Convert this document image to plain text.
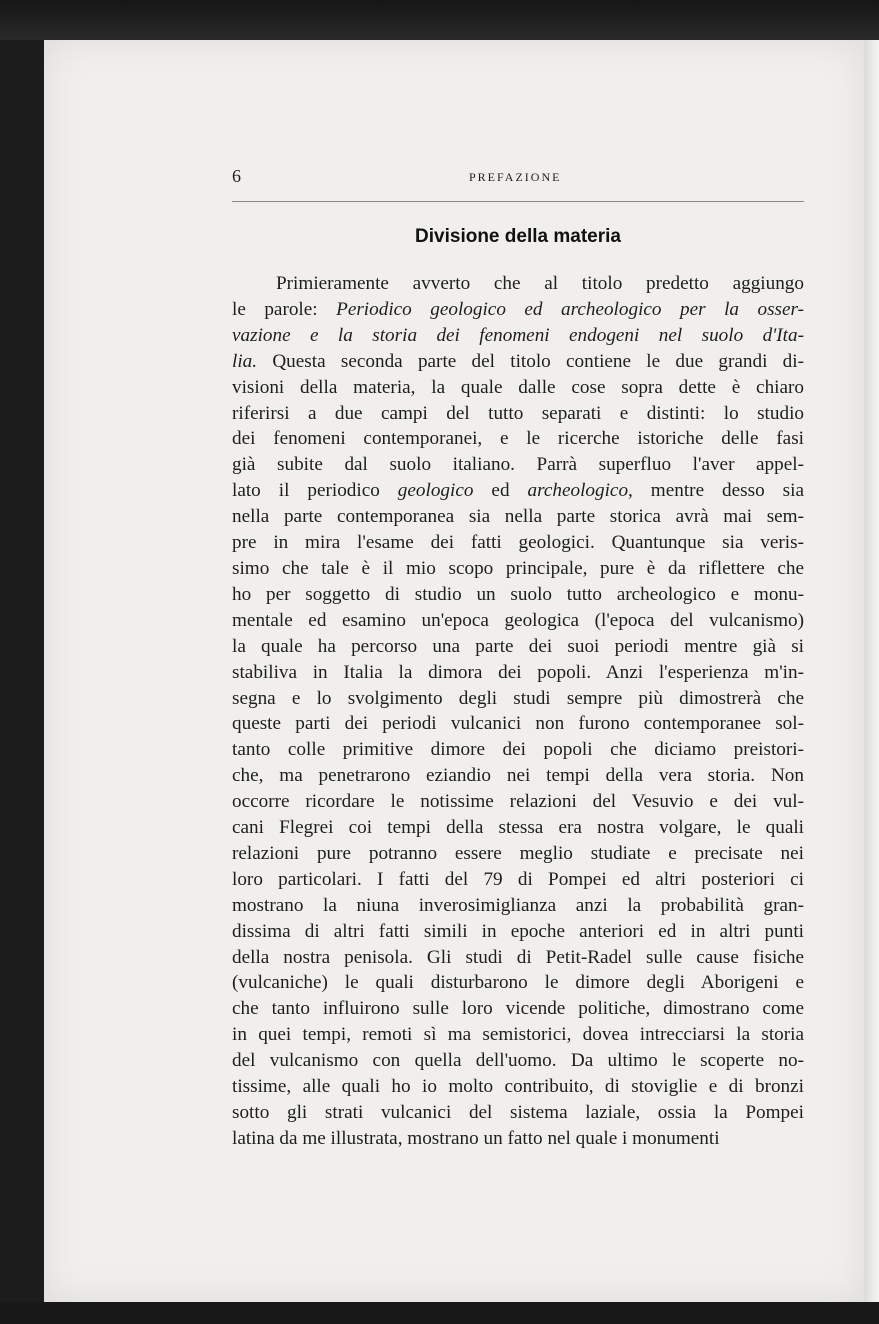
6	PREFAZIONE
Divisione della materia
Primieramente avverto che al titolo predetto aggiungo
le parole: Periodico geologico ed archeologico per la osser-
vazione e la storia dei fenomeni endogeni nel suolo d'Ita-
lia. Questa seconda parte del titolo contiene le due grandi di-
visioni della materia, la quale dalle cose sopra dette è chiaro
riferirsi a due campi del tutto separati e distinti: lo studio
dei fenomeni contemporanei, e le ricerche istoriche delle fasi
già subite dal suolo italiano. Parrà superfluo l'aver appel-
lato il periodico geologico ed archeologico, mentre desso sia
nella parte contemporanea sia nella parte storica avrà mai sem-
pre in mira l'esame dei fatti geologici. Quantunque sia veris-
simo che tale è il mio scopo principale, pure è da riflettere che
ho per soggetto di studio un suolo tutto archeologico e monu-
mentale ed esamino un'epoca geologica (l'epoca del vulcanismo)
la quale ha percorso una parte dei suoi periodi mentre già si
stabiliva in Italia la dimora dei popoli. Anzi l'esperienza m'in-
segna e lo svolgimento degli studi sempre più dimostrerà che
queste parti dei periodi vulcanici non furono contemporanee sol-
tanto colle primitive dimore dei popoli che diciamo preistori-
che, ma penetrarono eziandio nei tempi della vera storia. Non
occorre ricordare le notissime relazioni del Vesuvio e dei vul-
cani Flegrei coi tempi della stessa era nostra volgare, le quali
relazioni pure potranno essere meglio studiate e precisate nei
loro particolari. I fatti del 79 di Pompei ed altri posteriori ci
mostrano la niuna inverosimiglianza anzi la probabilità gran-
dissima di altri fatti simili in epoche anteriori ed in altri punti
della nostra penisola. Gli studi di Petit-Radel sulle cause fisiche
(vulcaniche) le quali disturbarono le dimore degli Aborigeni e
che tanto influirono sulle loro vicende politiche, dimostrano come
in quei tempi, remoti sì ma semistorici, dovea intrecciarsi la storia
del vulcanismo con quella dell'uomo. Da ultimo le scoperte no-
tissime, alle quali ho io molto contribuito, di stoviglie e di bronzi
sotto gli strati vulcanici del sistema laziale, ossia la Pompei
latina da me illustrata, mostrano un fatto nel quale i monumenti
